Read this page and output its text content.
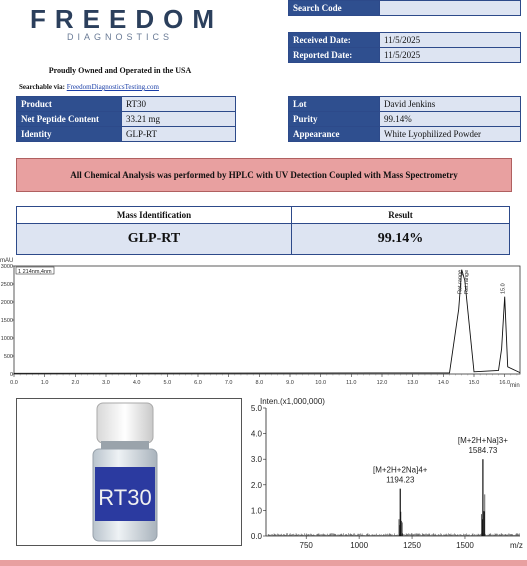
FREEDOM
DIAGNOSTICS
Proudly Owned and Operated in the USA
Searchable via: FreedomDiagnosticsTesting.com
Search Code	
Received Date:	11/5/2025
Reported Date:	11/5/2025
Product	RT30
Net Peptide Content	33.21 mg
Identity	GLP-RT
Lot	David Jenkins
Purity	99.14%
Appearance	White Lyophilized Powder
All Chemical Analysis was performed by HPLC with UV Detection Coupled with Mass Spectrometry
Mass Identification	Result
GLP-RT	99.14%
mAU
min
1 214nm,4nm
0
500
1000
1500
2000
2500
3000
0.0	1.0	2.0	3.0	4.0	5.0	6.0	7.0	8.0	9.0	10.0	11.0	12.0	13.0	14.0	15.0	16.0
Ret.range Ret.range	15.0
RT30
Inten.(x1,000,000)
0.0
1.0
2.0
3.0
4.0
5.0
750	1000	1250	1500	m/z
[M+2H+2Na]4+
1194.23
[M+2H+Na]3+
1584.73
